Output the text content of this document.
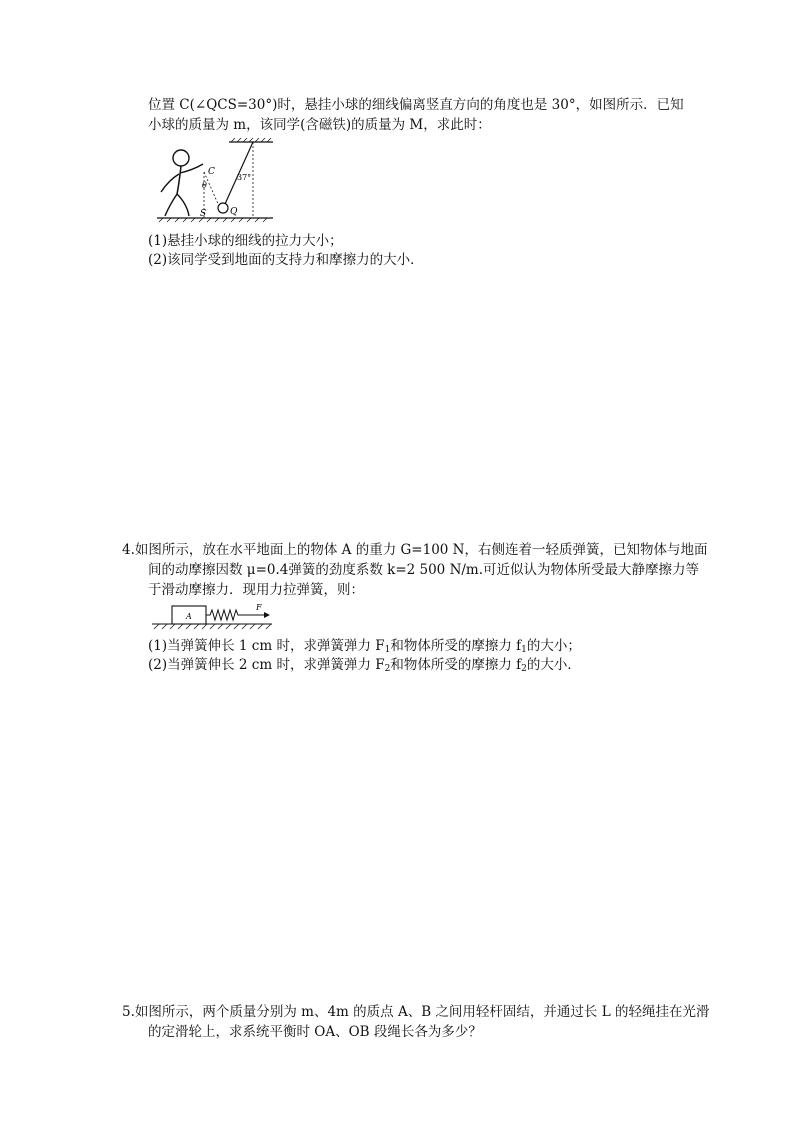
位置 C(∠QCS=30°)时，悬挂小球的细线偏离竖直方向的角度也是 30°，如图所示．已知
小球的质量为 m，该同学(含磁铁)的质量为 M，求此时：
C
θ
37°
S	Q
(1)悬挂小球的细线的拉力大小；
(2)该同学受到地面的支持力和摩擦力的大小．
4.如图所示，放在水平地面上的物体 A 的重力 G=100 N，右侧连着一轻质弹簧，已知物体与地面
间的动摩擦因数 μ=0.4弹簧的劲度系数 k=2 500 N/m.可近似认为物体所受最大静摩擦力等
于滑动摩擦力．现用力拉弹簧，则：
A
F
(1)当弹簧伸长 1 cm 时，求弹簧弹力 $F_1$和物体所受的摩擦力 $f_1$的大小；
(2)当弹簧伸长 2 cm 时，求弹簧弹力 $F_2$和物体所受的摩擦力 $f_2$的大小．
5.如图所示，两个质量分别为 m、4m 的质点 A、B 之间用轻杆固结，并通过长 L 的轻绳挂在光滑
的定滑轮上，求系统平衡时 OA、OB 段绳长各为多少？
